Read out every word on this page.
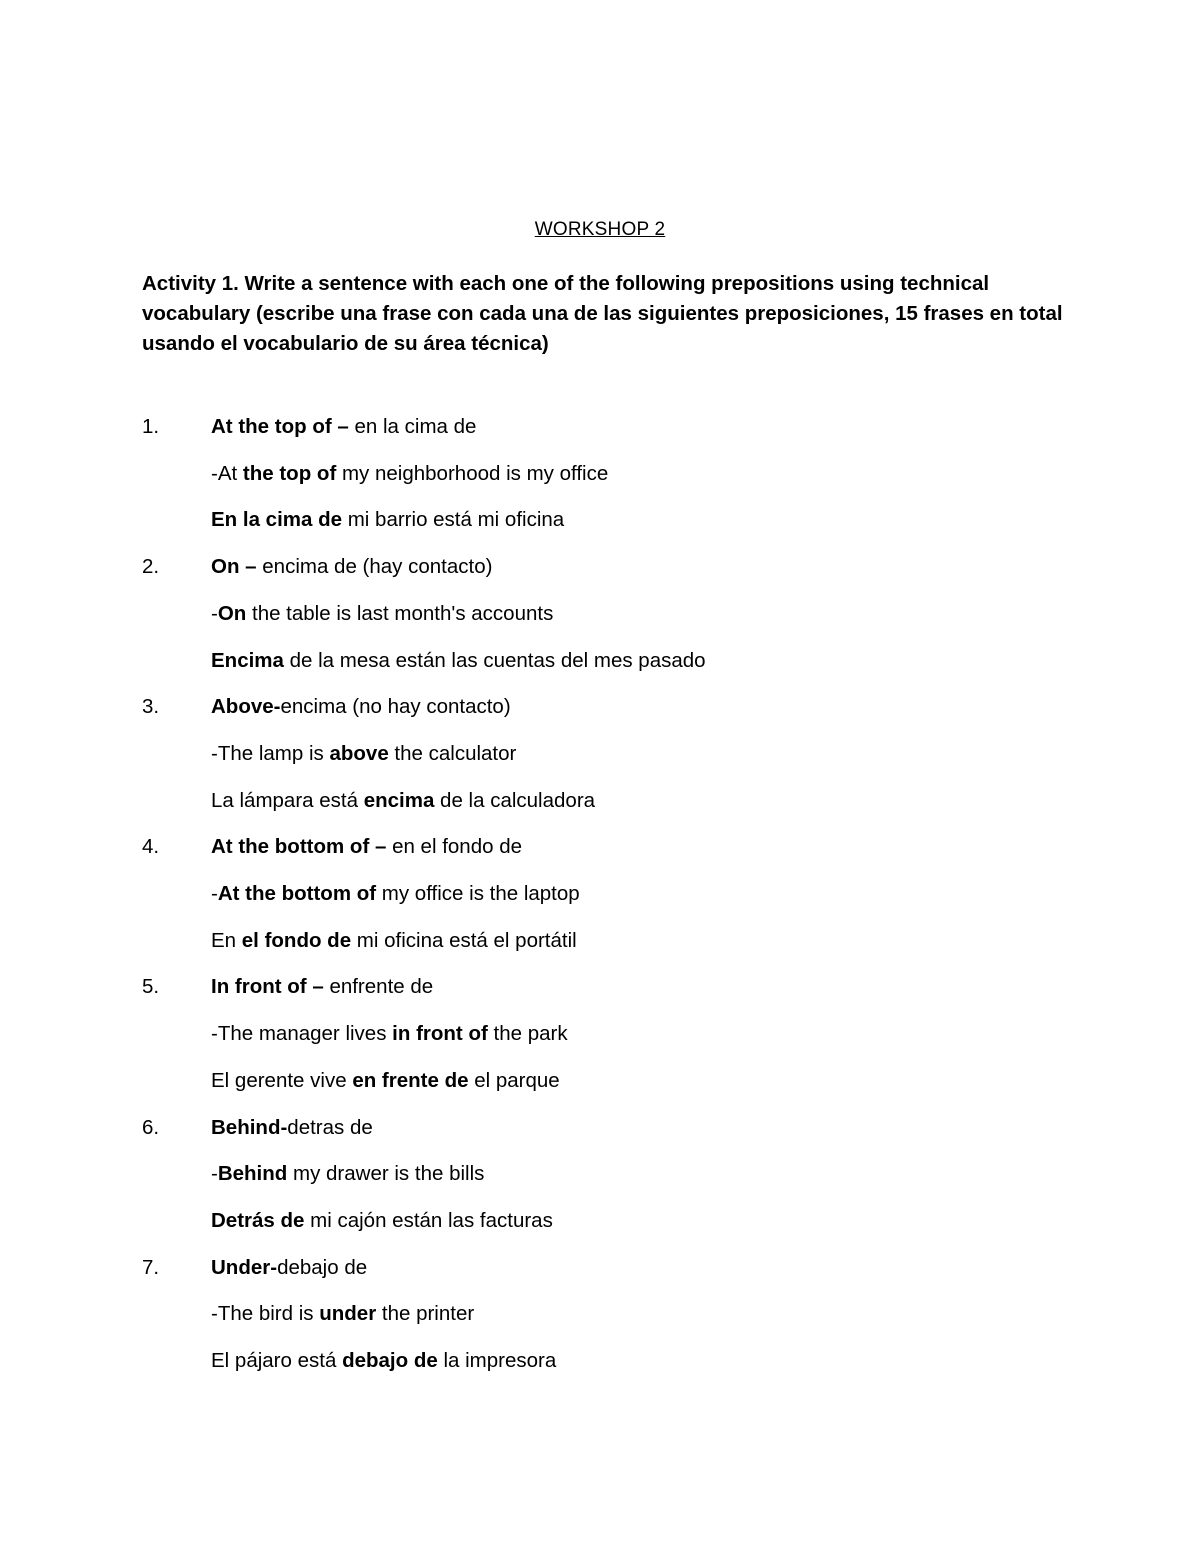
WORKSHOP 2
Activity 1. Write a sentence with each one of the following prepositions using technical
vocabulary (escribe una frase con cada una de las siguientes preposiciones, 15 frases en total
usando el vocabulario de su área técnica)
1.	At the top of – en la cima de
-At the top of my neighborhood is my office
En la cima de mi barrio está mi oficina
2.	On – encima de (hay contacto)
-On the table is last month's accounts
Encima de la mesa están las cuentas del mes pasado
3.	Above-encima (no hay contacto)
-The lamp is above the calculator
La lámpara está encima de la calculadora
4.	At the bottom of – en el fondo de
-At the bottom of my office is the laptop
En el fondo de mi oficina está el portátil
5.	In front of – enfrente de
-The manager lives in front of the park
El gerente vive en frente de el parque
6.	Behind-detras de
-Behind my drawer is the bills
Detrás de mi cajón están las facturas
7.	Under-debajo de
-The bird is under the printer
El pájaro está debajo de la impresora
